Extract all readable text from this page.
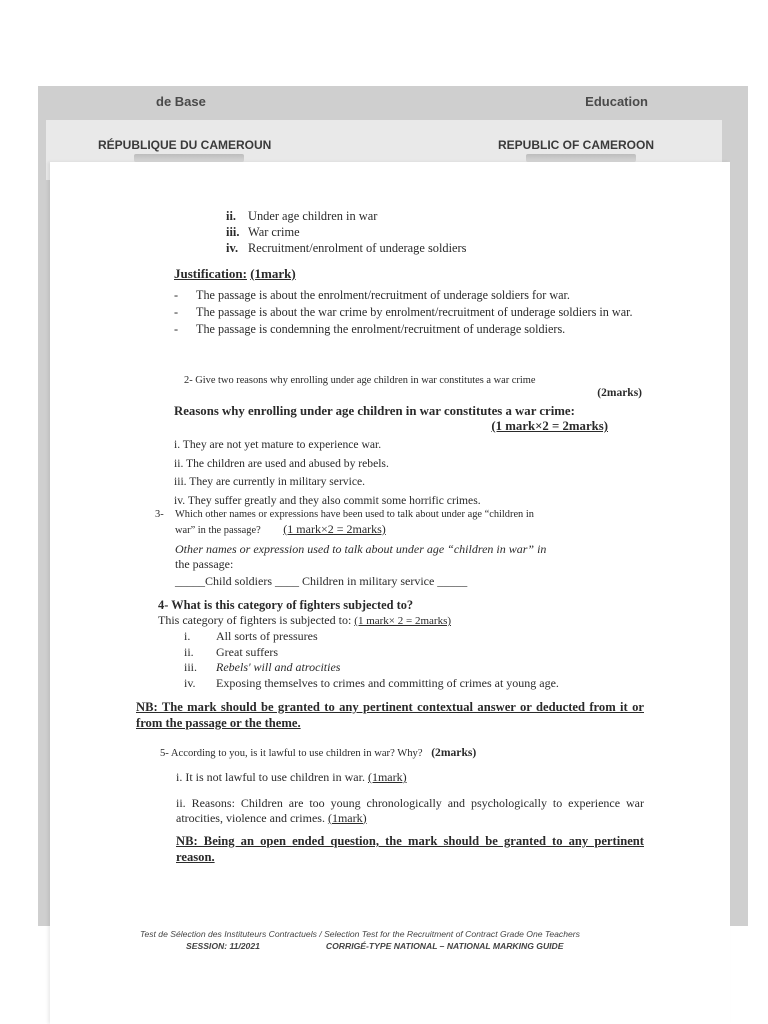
de Base	Education
RÉPUBLIQUE DU CAMEROUN	REPUBLIC OF CAMEROON
ii. Under age children in war
iii. War crime
iv. Recruitment/enrolment of underage soldiers
Justification: (1mark)
-	The passage is about the enrolment/recruitment of underage soldiers for war.
-	The passage is about the war crime by enrolment/recruitment of underage soldiers in war.
-	The passage is condemning the enrolment/recruitment of underage soldiers.
2- Give two reasons why enrolling under age children in war constitutes a war crime
(2marks)
Reasons why enrolling under age children in war constitutes a war crime:
(1 mark×2 = 2marks)
i. They are not yet mature to experience war.
ii. The children are used and abused by rebels.
iii. They are currently in military service.
iv. They suffer greatly and they also commit some horrific crimes.
3-	Which other names or expressions have been used to talk about under age “children in
war” in the passage? (1 mark×2 = 2marks)
Other names or expression used to talk about under age “children in war” in
the passage:
_____Child soldiers ____ Children in military service _____
4- What is this category of fighters subjected to?
This category of fighters is subjected to: (1 mark× 2 = 2marks)
i.	All sorts of pressures
ii.	Great suffers
iii.	Rebels' will and atrocities
iv.	Exposing themselves to crimes and committing of crimes at young age.
NB: The mark should be granted to any pertinent contextual answer or deducted from it or from the passage or the theme.
5- According to you, is it lawful to use children in war? Why? (2marks)
i. It is not lawful to use children in war. (1mark)
ii. Reasons: Children are too young chronologically and psychologically to experience war atrocities, violence and crimes. (1mark)
NB: Being an open ended question, the mark should be granted to any pertinent reason.
Test de Sélection des Instituteurs Contractuels / Selection Test for the Recruitment of Contract Grade One Teachers
SESSION: 11/2021	CORRIGÉ-TYPE NATIONAL – NATIONAL MARKING GUIDE
